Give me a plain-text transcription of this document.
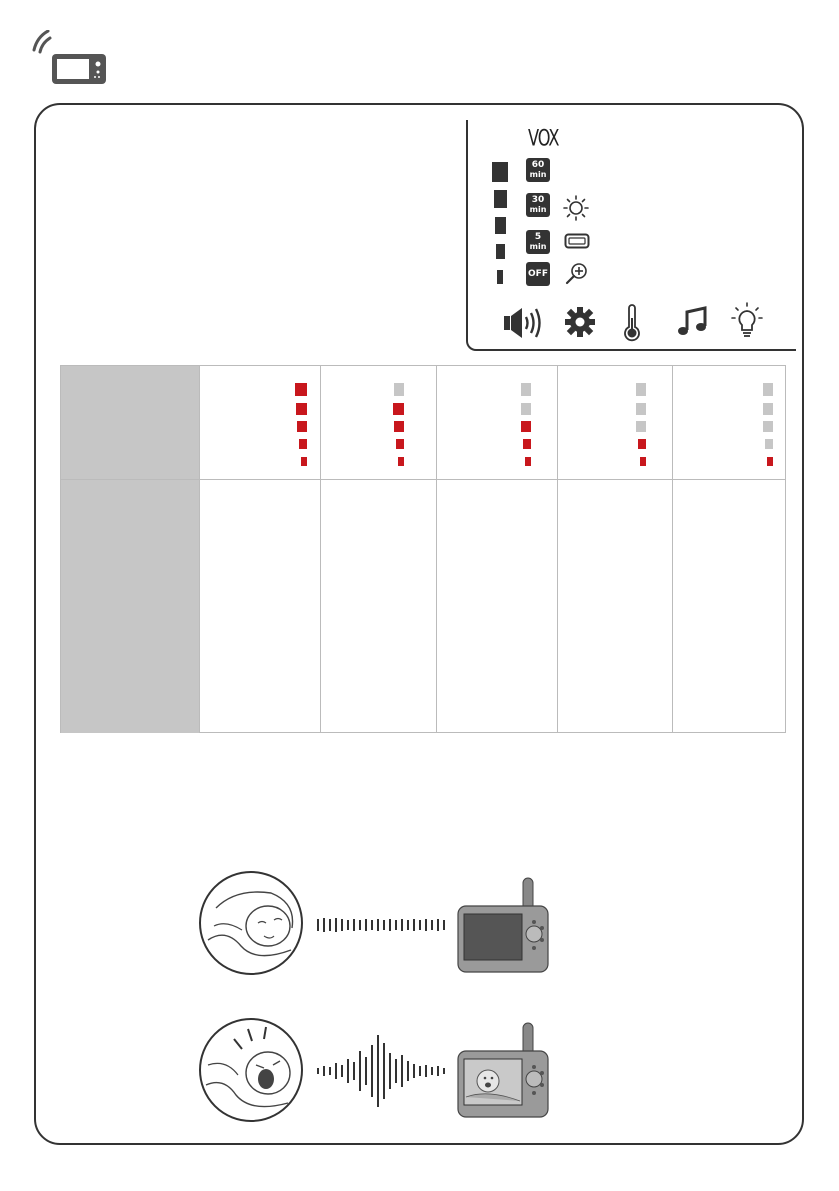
VOX
60
min
30
min
5
min
OFF
